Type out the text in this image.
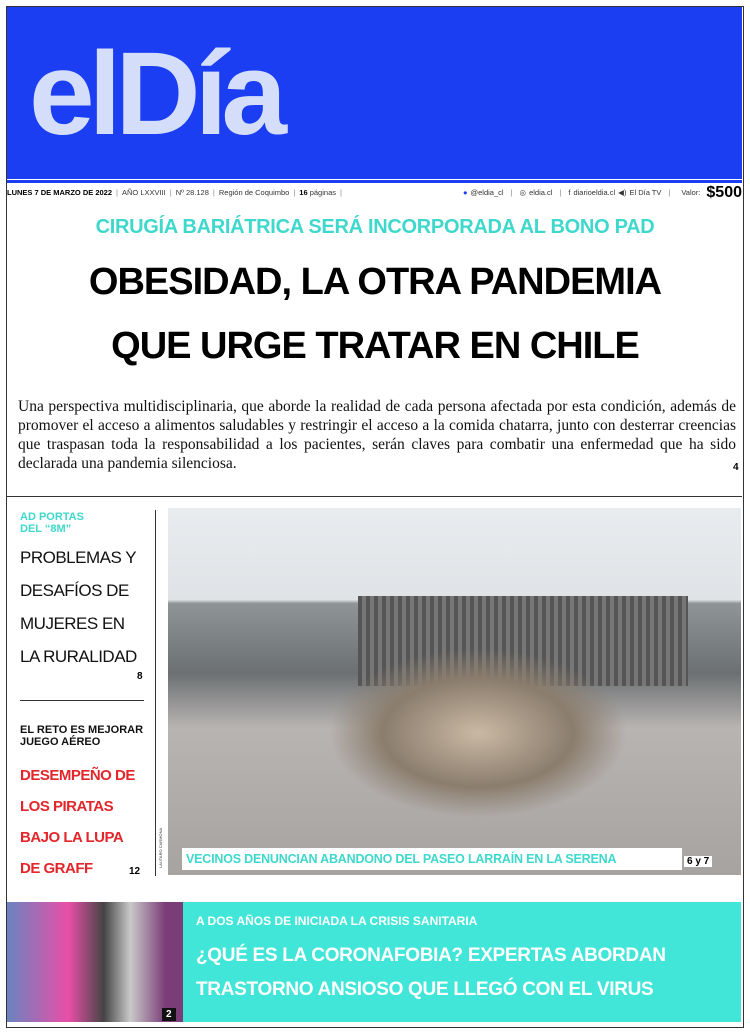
elDía
LUNES 7 DE MARZO DE 2022 | AÑO LXXVIII | Nº 28.128 | Región de Coquimbo | 16
páginas |	● @eldia_cl | ◎ eldia.cl | f diarioeldia.cl ◀) El Día TV | Valor: $500
CIRUGÍA BARIÁTRICA SERÁ INCORPORADA AL BONO PAD
OBESIDAD, LA OTRA PANDEMIA
QUE URGE TRATAR EN CHILE
Una perspectiva multidisciplinaria, que aborde la realidad de cada persona afectada por esta condición, además de promover el acceso a alimentos saludables y restringir el acceso a la comida chatarra, junto con desterrar creencias que traspasan toda la responsabilidad a los pacientes, serán claves para combatir una enfermedad que ha sido declarada una pandemia silenciosa.	4
AD PORTAS
DEL “8M”
PROBLEMAS Y
DESAFÍOS DE
MUJERES EN
LA RURALIDAD
8
EL RETO ES MEJORAR
JUEGO AÉREO
DESEMPEÑO DE
LOS PIRATAS
BAJO LA LUPA
DE GRAFF	12
LAUTARO CARMONA	VECINOS DENUNCIAN ABANDONO DEL PASEO LARRAÍN EN LA SERENA	6 y 7
2
A DOS AÑOS DE INICIADA LA CRISIS SANITARIA
¿QUÉ ES LA CORONAFOBIA? EXPERTAS ABORDAN
TRASTORNO ANSIOSO QUE LLEGÓ CON EL VIRUS
